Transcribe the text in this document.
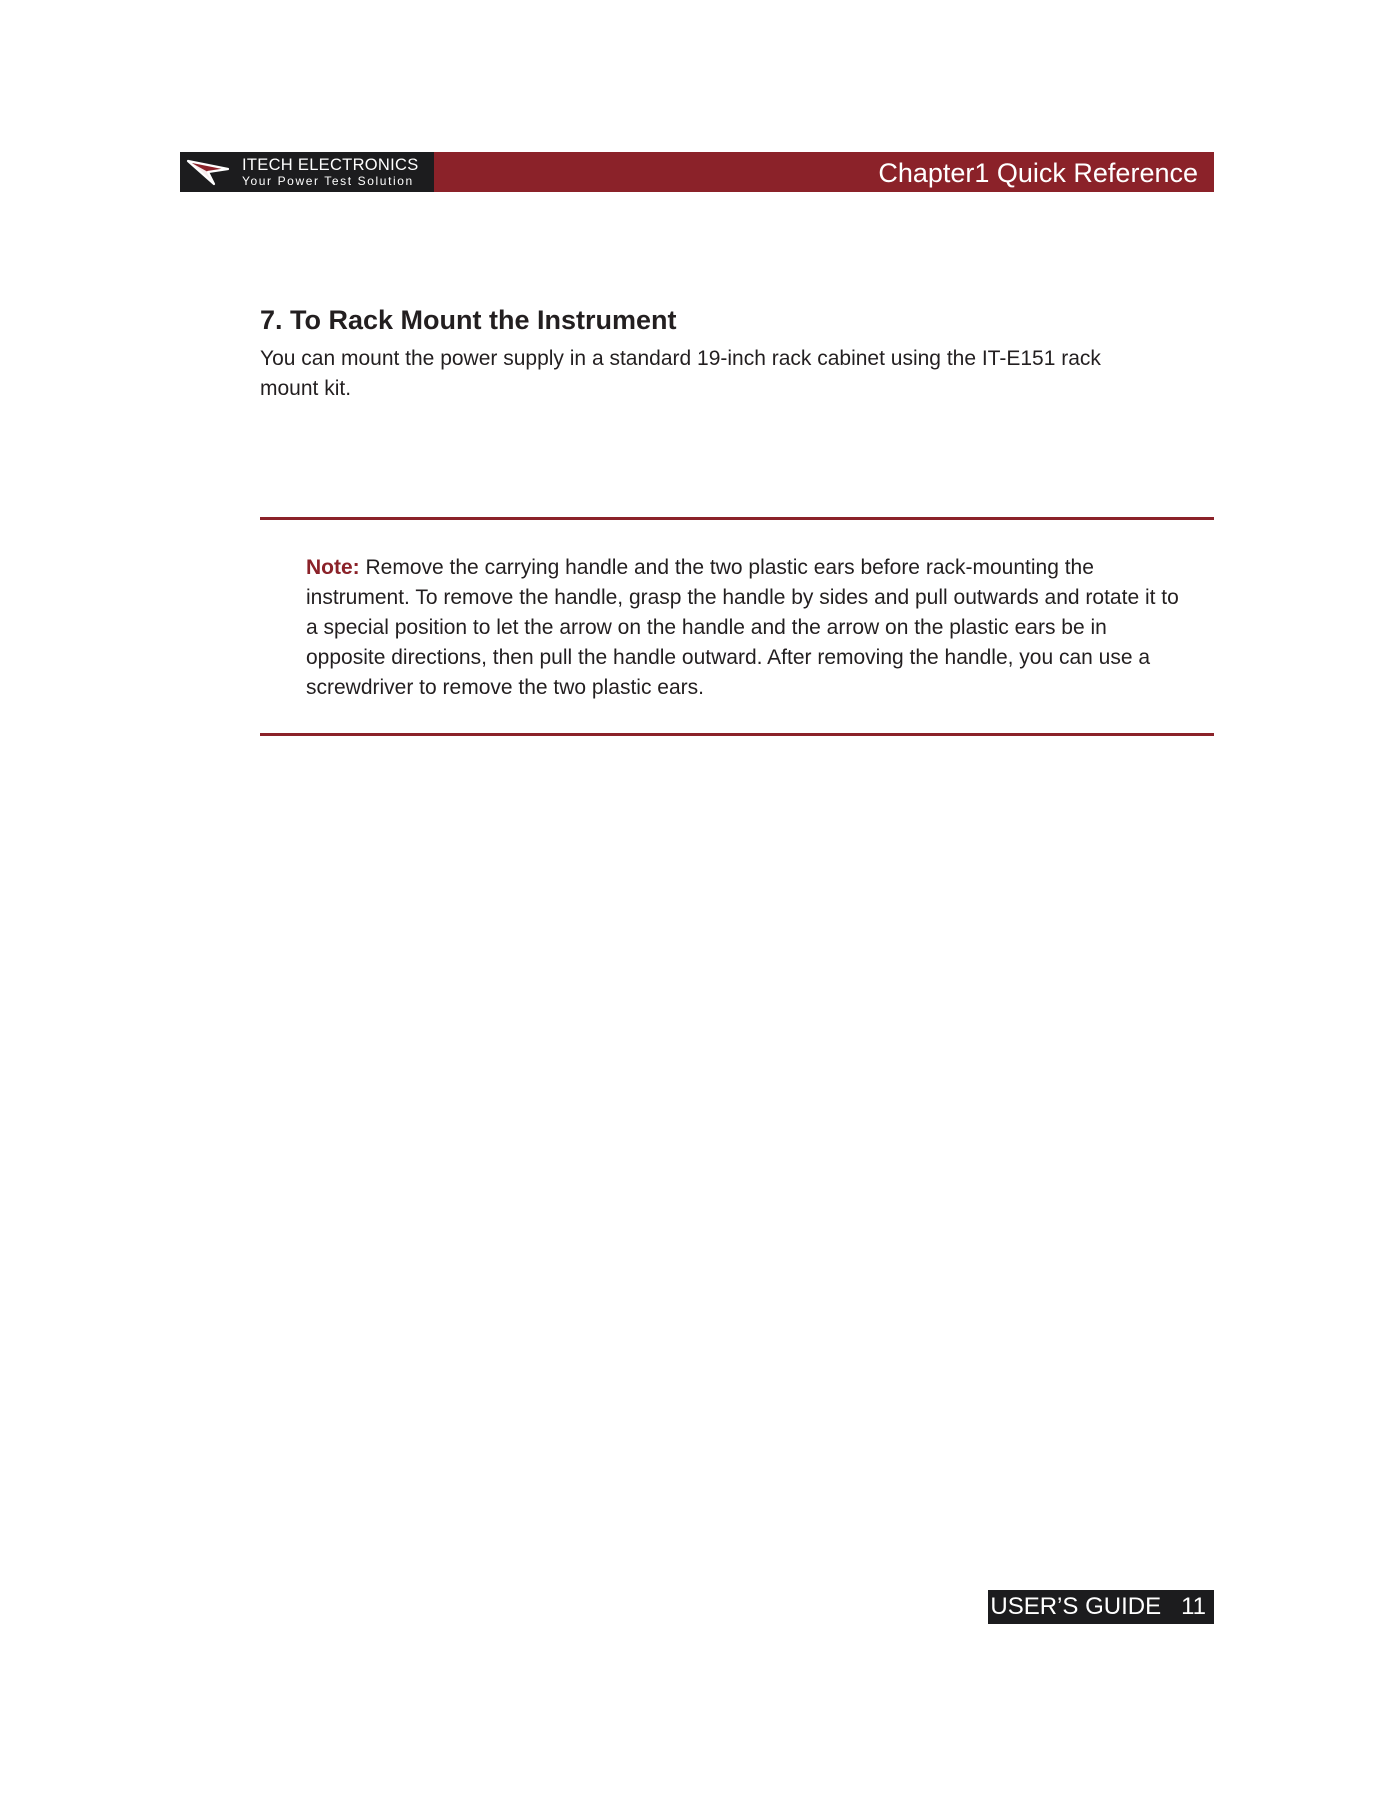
ITECH ELECTRONICS
Your Power Test Solution	Chapter1 Quick Reference
7. To Rack Mount the Instrument

You can mount the power supply in a standard 19-inch rack cabinet using the IT-E151 rack mount kit.

Note: Remove the carrying handle and the two plastic ears before rack-mounting the instrument. To remove the handle, grasp the handle by sides and pull outwards and rotate it to a special position to let the arrow on the handle and the arrow on the plastic ears be in opposite directions, then pull the handle outward. After removing the handle, you can use a screwdriver to remove the two plastic ears.

USER’S GUIDE 11
